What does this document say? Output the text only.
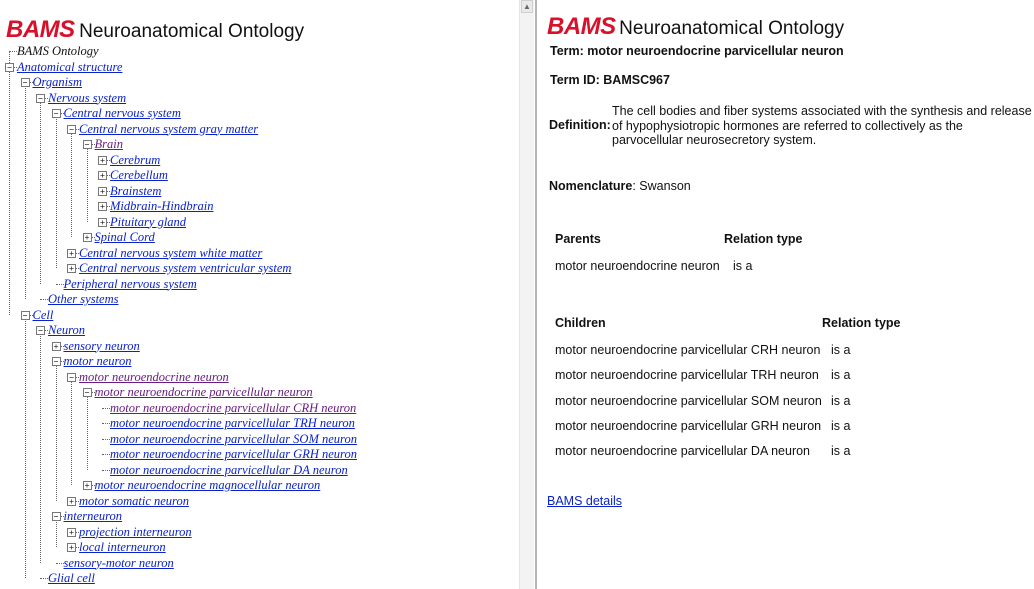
BAMS Neuroanatomical Ontology
BAMS Ontology
− Anatomical structure
− Organism
− Nervous system
− Central nervous system
− Central nervous system gray matter
− Brain
+ Cerebrum
+ Cerebellum
+ Brainstem
+ Midbrain-Hindbrain
+ Pituitary gland
+ Spinal Cord
+ Central nervous system white matter
+ Central nervous system ventricular system
Peripheral nervous system
Other systems
− Cell
− Neuron
+ sensory neuron
− motor neuron
− motor neuroendocrine neuron
− motor neuroendocrine parvicellular neuron
motor neuroendocrine parvicellular CRH neuron
motor neuroendocrine parvicellular TRH neuron
motor neuroendocrine parvicellular SOM neuron
motor neuroendocrine parvicellular GRH neuron
motor neuroendocrine parvicellular DA neuron
+ motor neuroendocrine magnocellular neuron
+ motor somatic neuron
− interneuron
+ projection interneuron
+ local interneuron
sensory-motor neuron
Glial cell
▲
BAMS Neuroanatomical Ontology
Term: motor neuroendocrine parvicellular neuron
Term ID: BAMSC967
Definition:
The cell bodies and fiber systems associated with the synthesis and release of hypophysiotropic hormones are referred to collectively as the parvocellular neurosecretory system.
Nomenclature: Swanson
Parents	Relation type
motor neuroendocrine neuron is a
Children	Relation type
motor neuroendocrine parvicellular CRH neuron is a
motor neuroendocrine parvicellular TRH neuron is a
motor neuroendocrine parvicellular SOM neuron is a
motor neuroendocrine parvicellular GRH neuron is a
motor neuroendocrine parvicellular DA neuron is a
BAMS details
